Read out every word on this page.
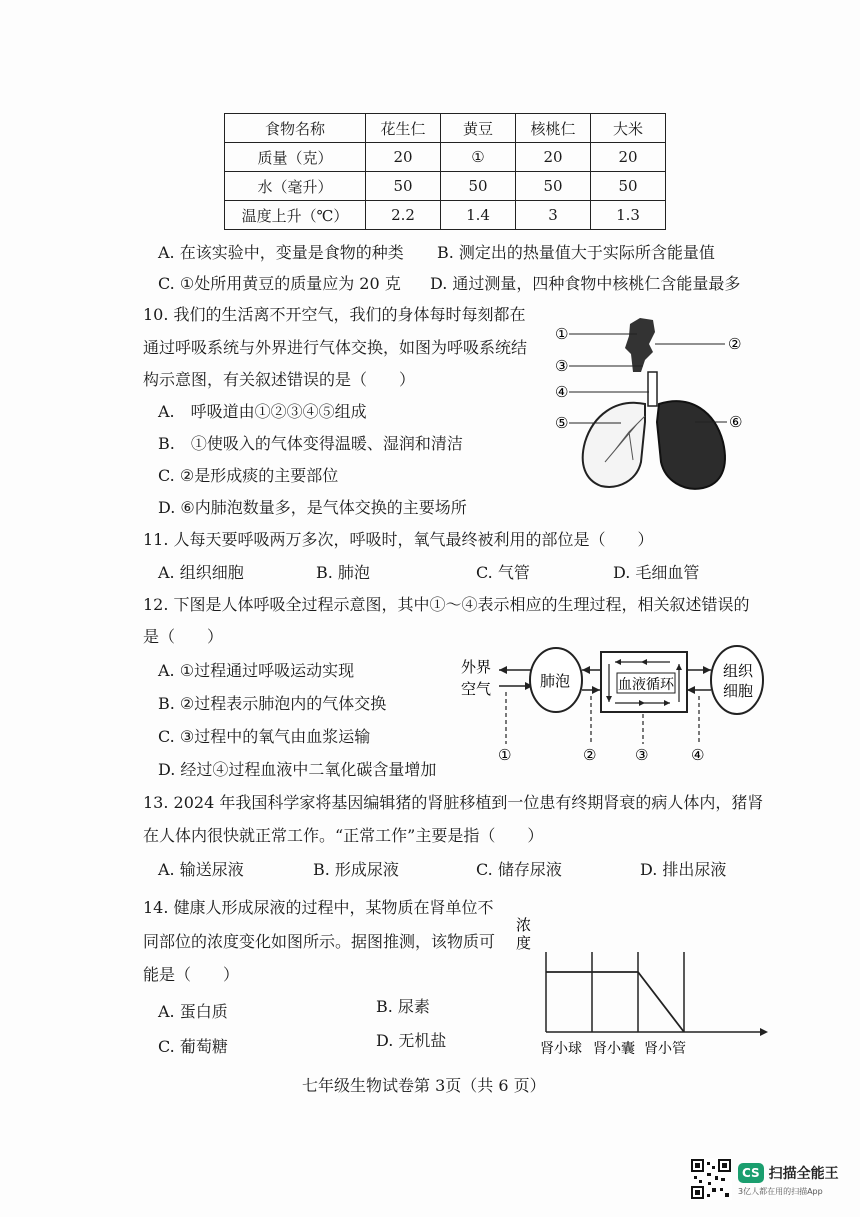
食物名称	花生仁	黄豆	核桃仁	大米
质量（克）	20	①	20	20
水（毫升）	50	50	50	50
温度上升（℃）	2.2	1.4	3	1.3
A. 在该实验中，变量是食物的种类 B. 测定出的热量值大于实际所含能量值
C. ①处所用黄豆的质量应为 20 克 D. 通过测量，四种食物中核桃仁含能量最多
10. 我们的生活离不开空气，我们的身体每时每刻都在
通过呼吸系统与外界进行气体交换，如图为呼吸系统结
构示意图，有关叙述错误的是（　　）
A.　呼吸道由①②③④⑤组成
B.　①使吸入的气体变得温暖、湿润和清洁
C. ②是形成痰的主要部位
D. ⑥内肺泡数量多，是气体交换的主要场所
①
②
③
④
⑤	⑥
11. 人每天要呼吸两万多次，呼吸时，氧气最终被利用的部位是（　　）
A. 组织细胞	B. 肺泡	C. 气管	D. 毛细血管
12. 下图是人体呼吸全过程示意图，其中①～④表示相应的生理过程，相关叙述错误的
是（　　）
A. ①过程通过呼吸运动实现
B. ②过程表示肺泡内的气体交换
C. ③过程中的氧气由血浆运输
D. 经过④过程血液中二氧化碳含量增加
外界
空气	肺泡	血液循环
组织
细胞
①	②	③	④
13. 2024 年我国科学家将基因编辑猪的肾脏移植到一位患有终期肾衰的病人体内，猪肾
在人体内很快就正常工作。“正常工作”主要是指（　　）
A. 输送尿液	B. 形成尿液	C. 储存尿液	D. 排出尿液
14. 健康人形成尿液的过程中，某物质在肾单位不
同部位的浓度变化如图所示。据图推测，该物质可
能是（　　）
A. 蛋白质	B. 尿素
C. 葡萄糖	D. 无机盐
浓
度
肾小球 肾小囊 肾小管
七年级生物试卷第 3页（共 6 页）
CS 扫描全能王
3亿人都在用的扫描App
